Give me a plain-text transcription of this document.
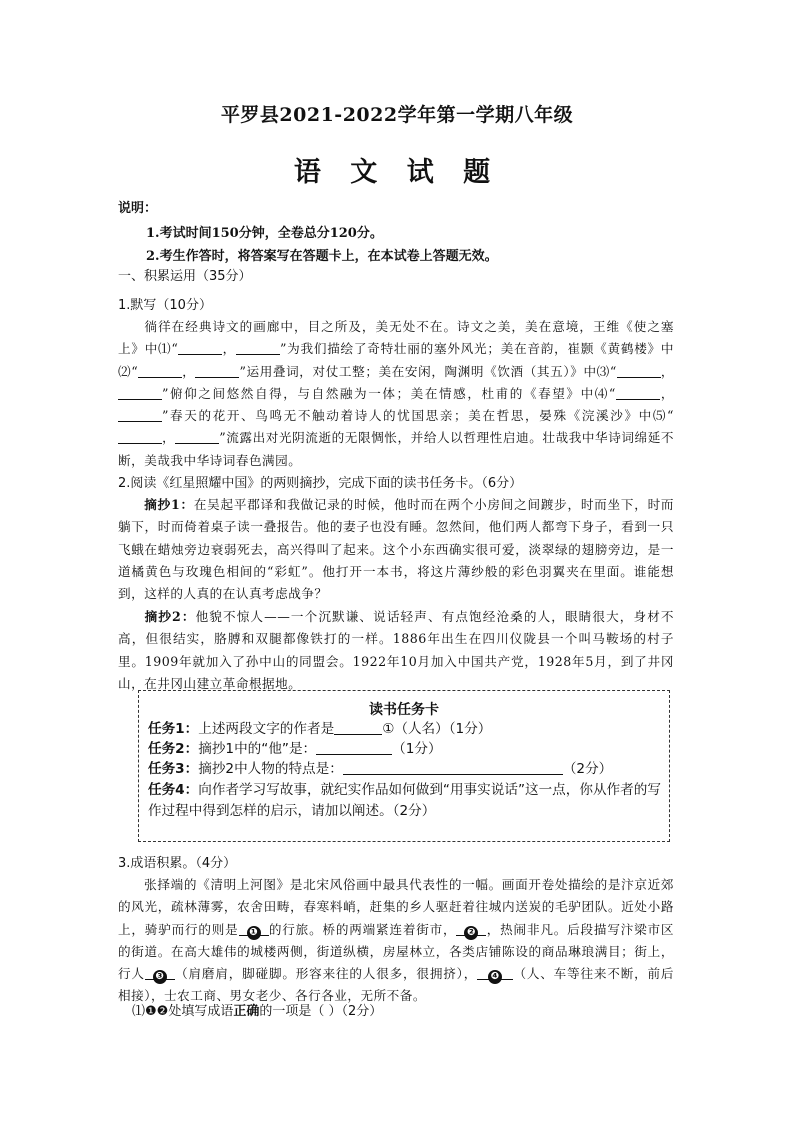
平罗县2021-2022学年第一学期八年级
语 文 试 题
说明：
1.考试时间150分钟，全卷总分120分。
2.考生作答时，将答案写在答题卡上，在本试卷上答题无效。
一、积累运用（35分）
1.默写（10分）
徜徉在经典诗文的画廊中，目之所及，美无处不在。诗文之美，美在意境，王维《使之塞上》中⑴“	，	”为我们描绘了奇特壮丽的塞外风光；美在音韵，崔颢《黄鹤楼》中⑵“	，	”运用叠词，对仗工整；美在安闲，陶渊明《饮酒（其五）》中⑶“	，”俯仰之间悠然自得，与自然融为一体；美在情感，杜甫的《春望》中⑷“	，”春天的花开、鸟鸣无不触动着诗人的忧国思亲；美在哲思，晏殊《浣溪沙》中⑸“，	”流露出对光阴流逝的无限惆怅，并给人以哲理性启迪。壮哉我中华诗词绵延不断，美哉我中华诗词春色满园。
2.阅读《红星照耀中国》的两则摘抄，完成下面的读书任务卡。（6分）
摘抄1：在吴起平郡译和我做记录的时候，他时而在两个小房间之间踱步，时而坐下，时而躺下，时而倚着桌子读一叠报告。他的妻子也没有睡。忽然间，他们两人都弯下身子，看到一只飞蛾在蜡烛旁边衰弱死去，高兴得叫了起来。这个小东西确实很可爱，淡翠绿的翅膀旁边，是一道橘黄色与玫瑰色相间的“彩虹”。他打开一本书，将这片薄纱般的彩色羽翼夹在里面。谁能想到，这样的人真的在认真考虑战争？
摘抄2：他貌不惊人——一个沉默谦、说话轻声、有点饱经沧桑的人，眼睛很大，身材不高，但很结实，胳膊和双腿都像铁打的一样。1886年出生在四川仪陇县一个叫马鞍场的村子里。1909年就加入了孙中山的同盟会。1922年10月加入中国共产党，1928年5月，到了井冈山，在井冈山建立革命根据地。
读书任务卡
任务1：上述两段文字的作者是	①（人名）（1分）
任务2：摘抄1中的“他”是：	（1分）
任务3：摘抄2中人物的特点是：	（2分）
任务4：向作者学习写故事，就纪实作品如何做到“用事实说话”这一点，你从作者的写作过程中得到怎样的启示，请加以阐述。（2分）
3.成语积累。（4分）
张择端的《清明上河图》是北宋风俗画中最具代表性的一幅。画面开卷处描绘的是汴京近郊的风光，疏林薄雾，农舍田畴，春寒料峭，赶集的乡人驱赶着往城内送炭的毛驴团队。近处小路上，骑驴而行的则是 ❶ 的行旅。桥的两端紧连着街市， ❷ ，热闹非凡。后段描写汴梁市区的街道。在高大雄伟的城楼两侧，街道纵横，房屋林立，各类店铺陈设的商品琳琅满目；街上，行人 ❸ （肩磨肩，脚碰脚。形容来往的人很多，很拥挤）， ❹ （人、车等往来不断，前后相接），士农工商、男女老少、各行各业，无所不备。
⑴❶❷处填写成语正确的一项是（ ）（2分）
